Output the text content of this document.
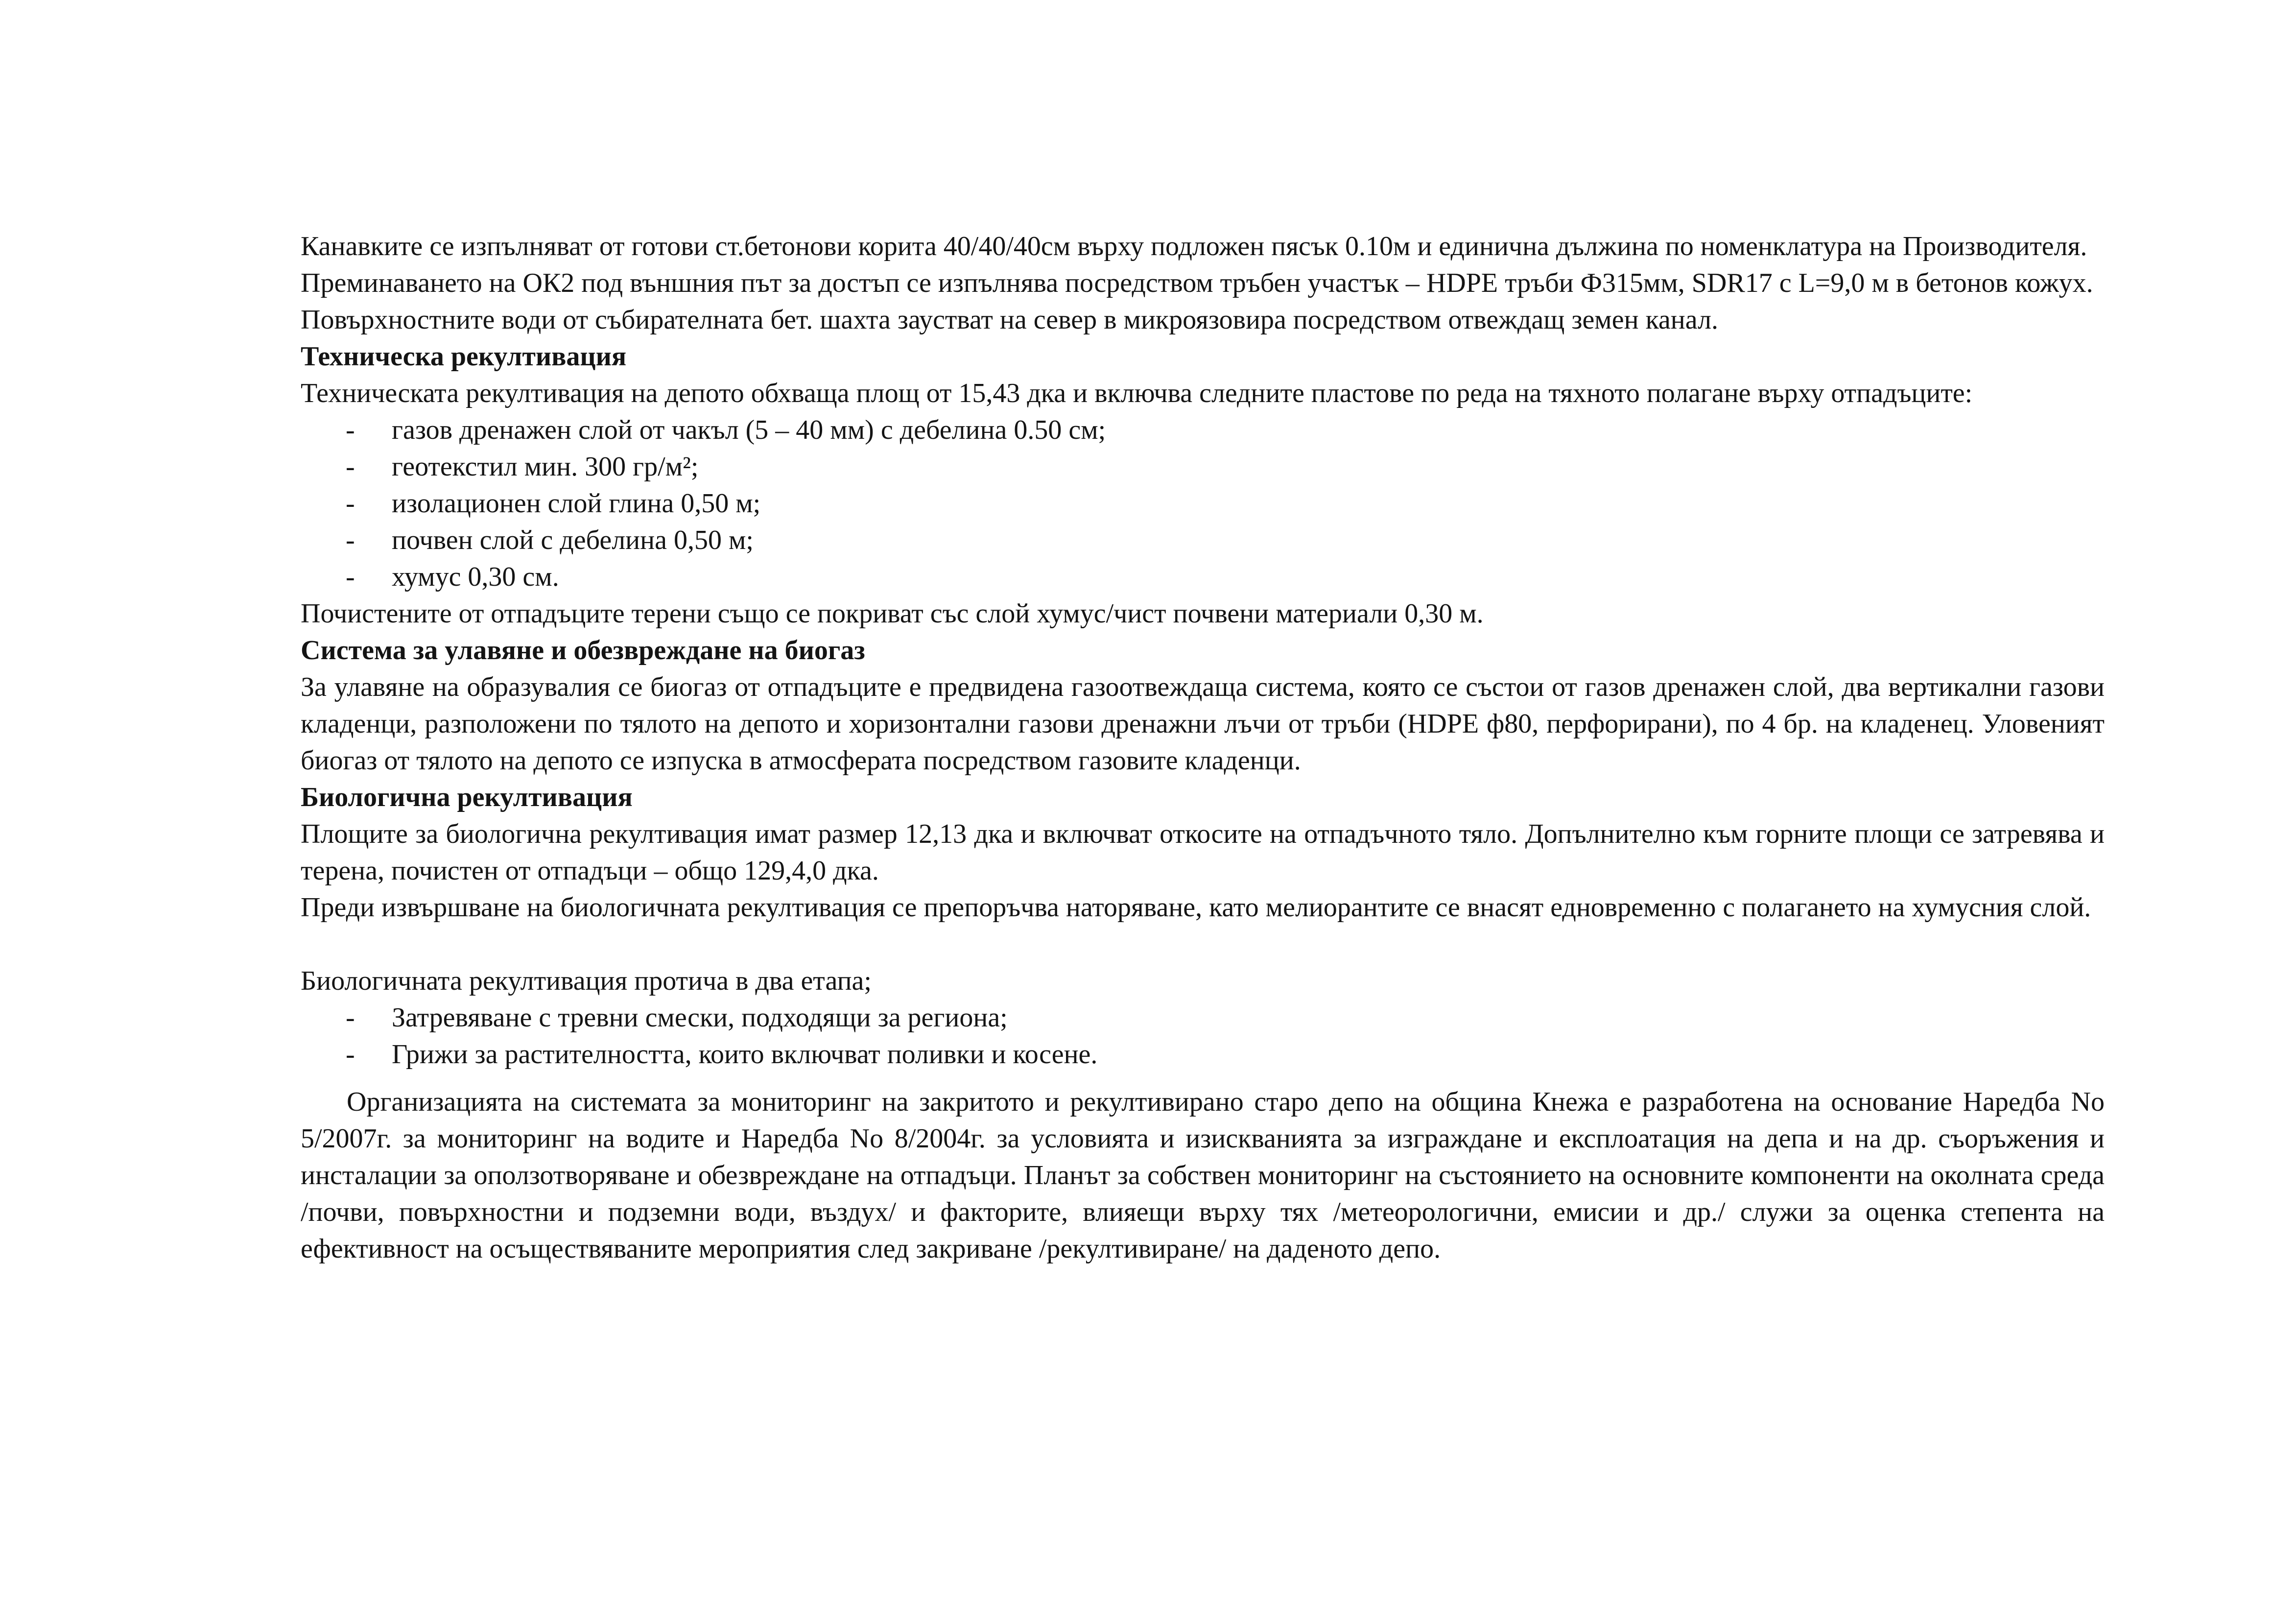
Канавките се изпълняват от готови ст.бетонови корита 40/40/40см върху подложен пясък 0.10м и единична дължина по номенклатура на Производителя.

Преминаването на ОК2 под външния път за достъп се изпълнява посредством тръбен участък – HDPE тръби Ф315мм, SDR17 с L=9,0 м в бетонов кожух.

Повърхностните води от събирателната бет. шахта заустват на север в микроязовира посредством отвеждащ земен канал.

Техническа рекултивация

Техническата рекултивация на депото обхваща площ от 15,43 дка и включва следните пластове по реда на тяхното полагане върху отпадъците:

- газов дренажен слой от чакъл (5 – 40 мм) с дебелина 0.50 см;
- геотекстил мин. 300 гр/м²;
- изолационен слой глина 0,50 м;
- почвен слой с дебелина 0,50 м;
- хумус 0,30 см.

Почистените от отпадъците терени също се покриват със слой хумус/чист почвени материали 0,30 м.

Система за улавяне и обезвреждане на биогаз

За улавяне на образувалия се биогаз от отпадъците е предвидена газоотвеждаща система, която се състои от газов дренажен слой, два вертикални газови кладенци, разположени по тялото на депото и хоризонтални газови дренажни лъчи от тръби (HDPE ф80, перфорирани), по 4 бр. на кладенец. Уловеният биогаз от тялото на депото се изпуска в атмосферата посредством газовите кладенци.

Биологична рекултивация

Площите за биологична рекултивация имат размер 12,13 дка и включват откосите на отпадъчното тяло. Допълнително към горните площи се затревява и терена, почистен от отпадъци – общо 129,4,0 дка.

Преди извършване на биологичната рекултивация се препоръчва наторяване, като мелиорантите се внасят едновременно с полагането на хумусния слой.

Биологичната рекултивация протича в два етапа;

- Затревяване с тревни смески, подходящи за региона;
- Грижи за растителността, които включват поливки и косене.

Организацията на системата за мониторинг на закритото и рекултивирано старо депо на община Кнежа е разработена на основание Наредба No 5/2007г. за мониторинг на водите и Наредба No 8/2004г. за условията и изискванията за изграждане и експлоатация на депа и на др. съоръжения и инсталации за оползотворяване и обезвреждане на отпадъци. Планът за собствен мониторинг на състоянието на основните компоненти на околната среда /почви, повърхностни и подземни води, въздух/ и факторите, влияещи върху тях /метеорологични, емисии и др./ служи за оценка степента на ефективност на осъществяваните мероприятия след закриване /рекултивиране/ на даденото депо.
